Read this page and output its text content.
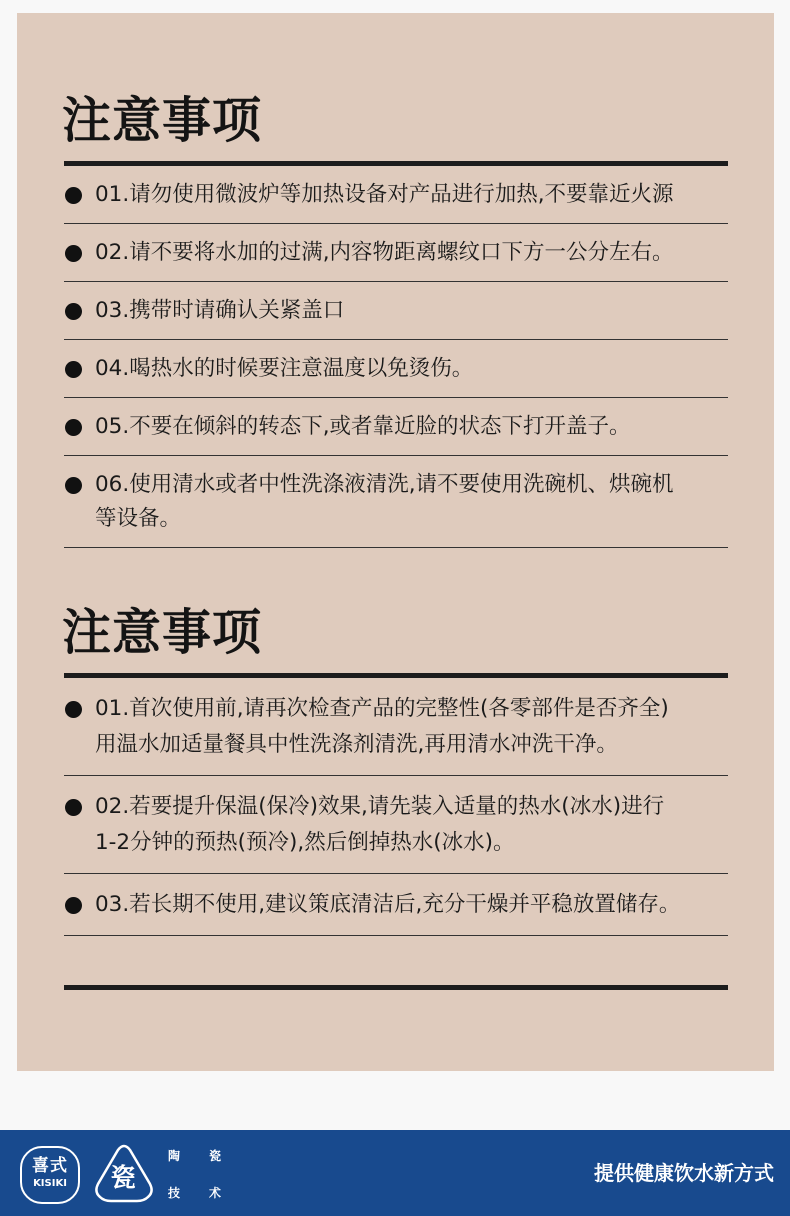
注意事项
01.请勿使用微波炉等加热设备对产品进行加热,不要靠近火源
02.请不要将水加的过满,内容物距离螺纹口下方一公分左右。
03.携带时请确认关紧盖口
04.喝热水的时候要注意温度以免烫伤。
05.不要在倾斜的转态下,或者靠近脸的状态下打开盖子。
06.使用清水或者中性洗涤液清洗,请不要使用洗碗机、烘碗机
等设备。
注意事项
01.首次使用前,请再次检查产品的完整性(各零部件是否齐全)
用温水加适量餐具中性洗涤剂清洗,再用清水冲洗干净。
02.若要提升保温(保冷)效果,请先装入适量的热水(冰水)进行
1-2分钟的预热(预冷),然后倒掉热水(冰水)。
03.若长期不使用,建议策底清洁后,充分干燥并平稳放置储存。
喜式
KISIKI	瓷
陶 瓷
技 术
提供健康饮水新方式
